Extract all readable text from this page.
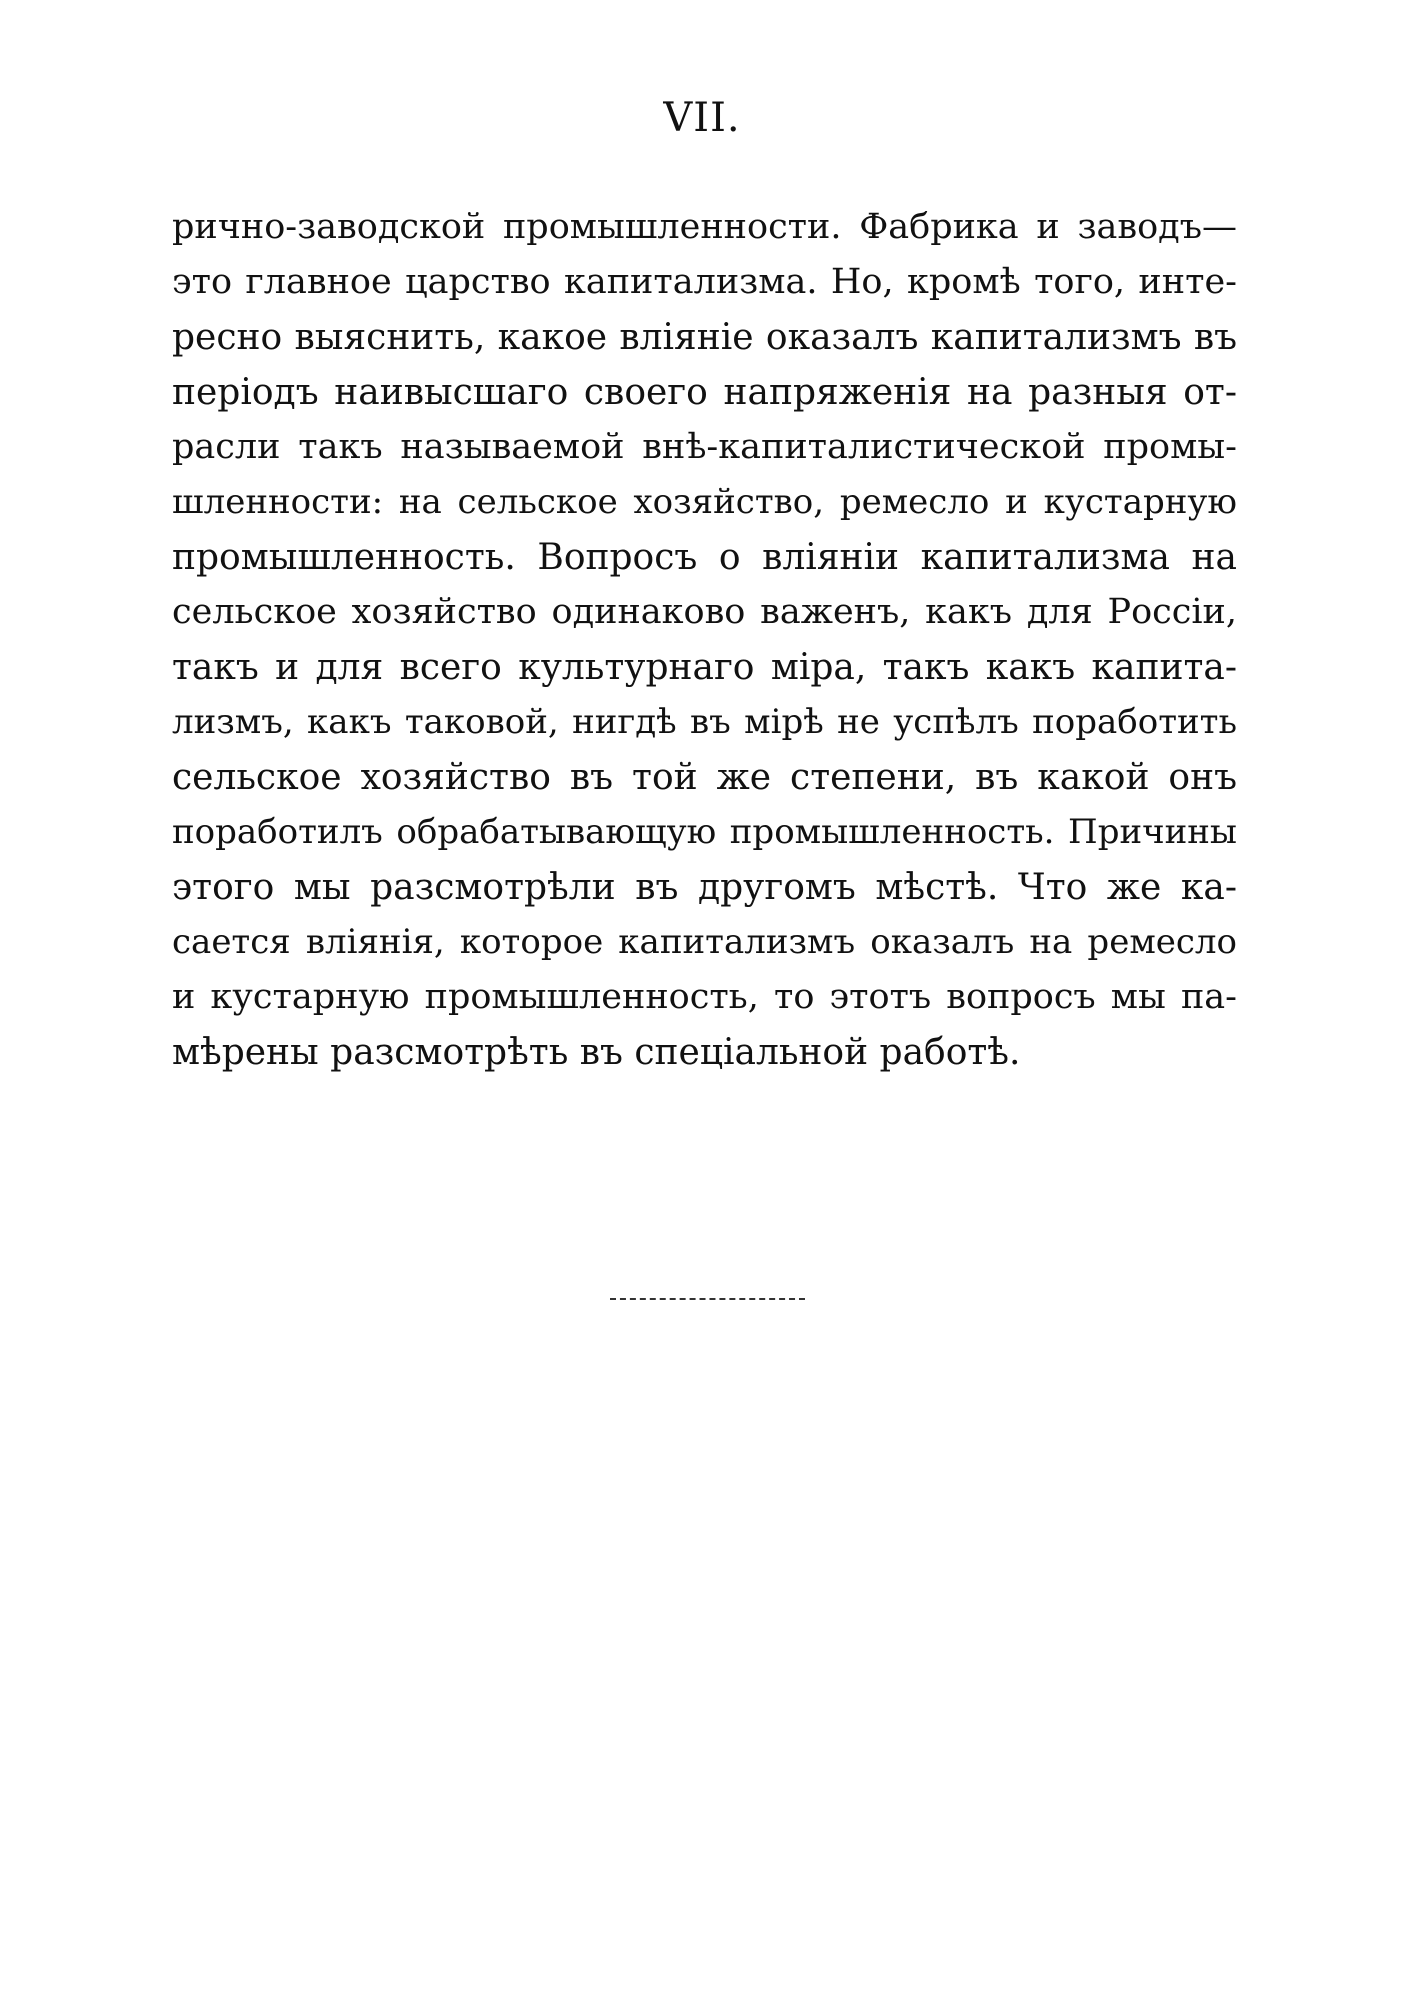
VII.
рично-заводской промышленности. Фабрика и заводъ—
это главное царство капитализма. Но, кромѣ того, инте-
ресно выяснить, какое вліяніе оказалъ капитализмъ въ
періодъ наивысшаго своего напряженія на разныя от-
расли такъ называемой внѣ-капиталистической промы-
шленности: на сельское хозяйство, ремесло и кустарную
промышленность. Вопросъ о вліяніи капитализма на
сельское хозяйство одинаково важенъ, какъ для Россіи,
такъ и для всего культурнаго міра, такъ какъ капита-
лизмъ, какъ таковой, нигдѣ въ мірѣ не успѣлъ поработить
сельское хозяйство въ той же степени, въ какой онъ
поработилъ обрабатывающую промышленность. Причины
этого мы разсмотрѣли въ другомъ мѣстѣ. Что же ка-
сается вліянія, которое капитализмъ оказалъ на ремесло
и кустарную промышленность, то этотъ вопросъ мы па-
мѣрены разсмотрѣть въ спеціальной работѣ.
